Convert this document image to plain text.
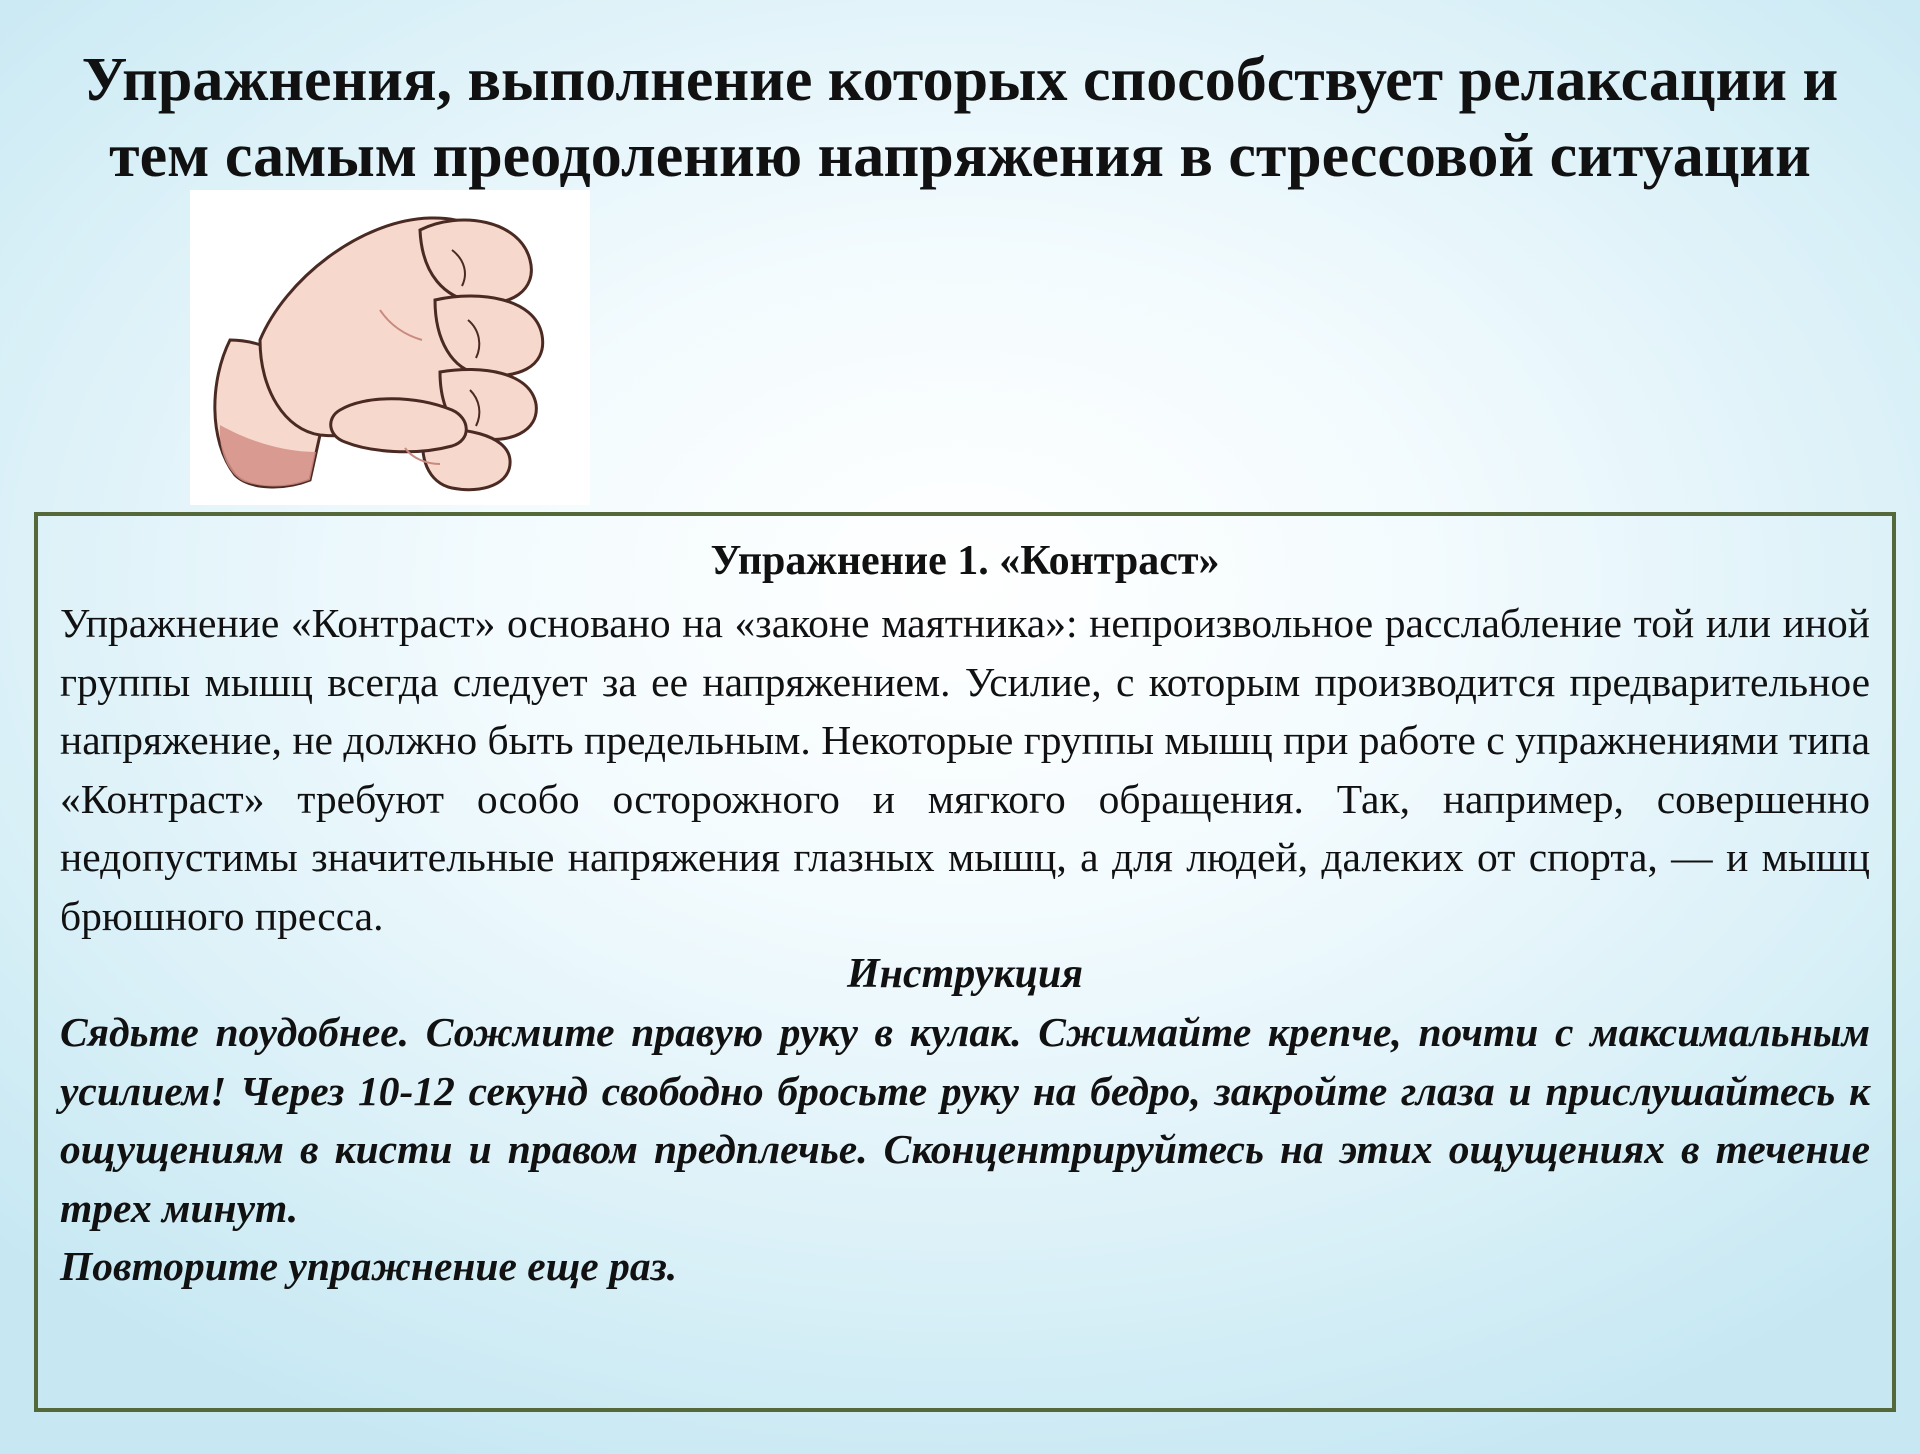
Упражнения, выполнение которых способствует релаксации и тем самым преодолению напряжения в стрессовой ситуации
Упражнение 1. «Контраст»

Упражнение «Контраст» основано на «законе маятника»: непроизвольное расслабление той или иной группы мышц всегда следует за ее напряжением. Усилие, с которым производится предварительное напряжение, не должно быть предельным. Некоторые группы мышц при работе с упражнениями типа «Контраст» требуют особо осторожного и мягкого обращения. Так, например, совершенно недопустимы значительные напряжения глазных мышц, а для людей, далеких от спорта, — и мышц брюшного пресса.

Инструкция

Сядьте поудобнее. Сожмите правую руку в кулак. Сжимайте крепче, почти с максимальным усилием! Через 10-12 секунд свободно бросьте руку на бедро, закройте глаза и прислушайтесь к ощущениям в кисти и правом предплечье. Сконцентрируйтесь на этих ощущениях в течение трех минут.

Повторите упражнение еще раз.
